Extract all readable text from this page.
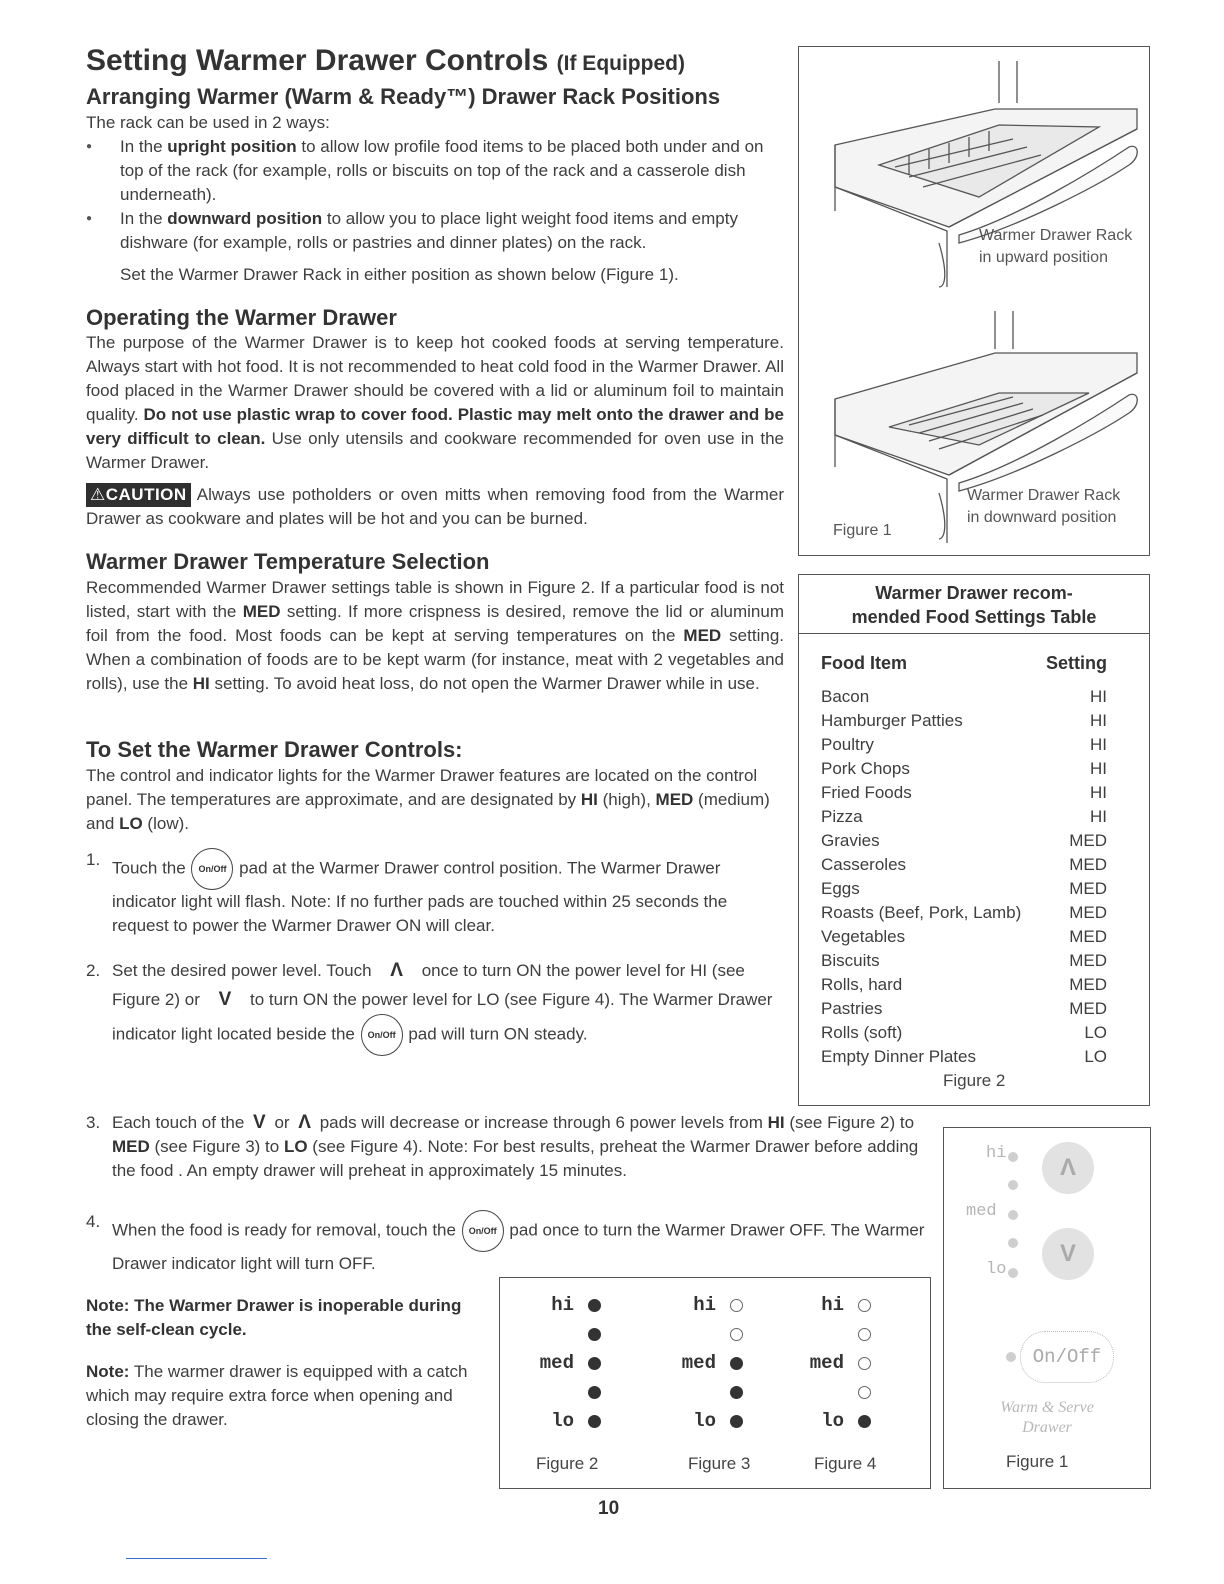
Setting Warmer Drawer Controls (If Equipped)
Arranging Warmer (Warm & Ready™) Drawer Rack Positions

The rack can be used in 2 ways:

● In the upright position to allow low profile food items to be placed both under and on top of the rack (for example, rolls or biscuits on top of the rack and a casserole dish underneath).
● In the downward position to allow you to place light weight food items and empty dishware (for example, rolls or pastries and dinner plates) on the rack.

Set the Warmer Drawer Rack in either position as shown below (Figure 1).

Operating the Warmer Drawer

The purpose of the Warmer Drawer is to keep hot cooked foods at serving temperature. Always start with hot food. It is not recommended to heat cold food in the Warmer Drawer. All food placed in the Warmer Drawer should be covered with a lid or aluminum foil to maintain quality. Do not use plastic wrap to cover food. Plastic may melt onto the drawer and be very difficult to clean. Use only utensils and cookware recommended for oven use in the Warmer Drawer.

⚠CAUTION Always use potholders or oven mitts when removing food from the Warmer Drawer as cookware and plates will be hot and you can be burned.

Warmer Drawer Temperature Selection

Recommended Warmer Drawer settings table is shown in Figure 2. If a particular food is not listed, start with the MED setting. If more crispness is desired, remove the lid or aluminum foil from the food. Most foods can be kept at serving temperatures on the MED setting. When a combination of foods are to be kept warm (for instance, meat with 2 vegetables and rolls), use the HI setting. To avoid heat loss, do not open the Warmer Drawer while in use.

To Set the Warmer Drawer Controls:

The control and indicator lights for the Warmer Drawer features are located on the control panel. The temperatures are approximate, and are designated by HI (high), MED (medium) and LO (low).

1. Touch the On/Off pad at the Warmer Drawer control position. The Warmer Drawer indicator light will flash. Note: If no further pads are touched within 25 seconds the request to power the Warmer Drawer ON will clear.
2. Set the desired power level. Touch Λ once to turn ON the power level for HI (see Figure 2) or V to turn ON the power level for LO (see Figure 4). The Warmer Drawer indicator light located beside the On/Off pad will turn ON steady.
3. Each touch of the V or Λ pads will decrease or increase through 6 power levels from HI (see Figure 2) to MED (see Figure 3) to LO (see Figure 4). Note: For best results, preheat the Warmer Drawer before adding the food . An empty drawer will preheat in approximately 15 minutes.
4. When the food is ready for removal, touch the On/Off pad once to turn the Warmer Drawer OFF. The Warmer Drawer indicator light will turn OFF.

Note: The Warmer Drawer is inoperable during the self-clean cycle.

Note: The warmer drawer is equipped with a catch which may require extra force when opening and closing the drawer.

Warmer Drawer Rack
in upward position
Warmer Drawer Rack
in downward position
Figure 1
Warmer Drawer recom-
mended Food Settings Table
Food Item	Setting
Bacon	HI
Hamburger Patties	HI
Poultry	HI
Pork Chops	HI
Fried Foods	HI
Pizza	HI
Gravies	MED
Casseroles	MED
Eggs	MED
Roasts (Beef, Pork, Lamb)	MED
Vegetables	MED
Biscuits	MED
Rolls, hard	MED
Pastries	MED
Rolls (soft)	LO
Empty Dinner Plates	LO
Figure 2
hi
med
lo
Figure 2
hi
med
lo
Figure 3
hi
med
lo
Figure 4
hi
med
lo
Λ
V
On/Off
Warm & Serve
Drawer
Figure 1
10
